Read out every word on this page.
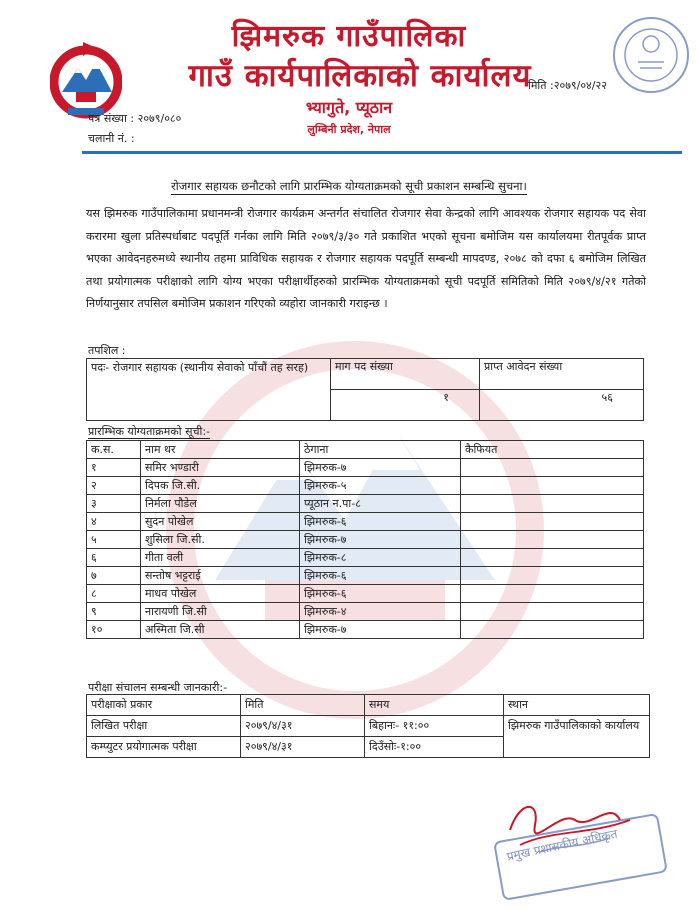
झिमरुक गाउँपालिका
गाउँ कार्यपालिकाको कार्यालय
भ्यागुते, प्यूठान
लुम्बिनी प्रदेश, नेपाल
मिति :२०७९/०४/२२
पत्र संख्या : २०७९/०८०
चलानी नं. :
रोजगार सहायक छनौटको लागि प्रारम्भिक योग्यताक्रमको सूची प्रकाशन सम्बन्धि सुचना।
यस झिमरुक गाउँपालिकामा प्रधानमन्त्री रोजगार कार्यक्रम अन्तर्गत संचालित रोजगार सेवा केन्द्रको लागि आवश्यक रोजगार सहायक पद सेवा करारमा खुला प्रतिस्पर्धाबाट पदपूर्ति गर्नका लागि मिति २०७९/३/३० गते प्रकाशित भएको सूचना बमोजिम यस कार्यालयमा रीतपूर्वक प्राप्त भएका आवेदनहरुमध्ये स्थानीय तहमा प्राविधिक सहायक र रोजगार सहायक पदपूर्ति सम्बन्धी मापदण्ड, २०७८ को दफा ६ बमोजिम लिखित तथा प्रयोगात्मक परीक्षाको लागि योग्य भएका परीक्षार्थीहरुको प्रारम्भिक योग्यताक्रमको सूची पदपूर्ति समितिको मिति २०७९/४/२१ गतेको निर्णयानुसार तपसिल बमोजिम प्रकाशन गरिएको व्यहोरा जानकारी गराइन्छ ।
तपशिल :
पदः- रोजगार सहायक (स्थानीय सेवाको पाँचौं तह सरह)	माग पद संख्या	प्राप्त आवेदन संख्या
	१	५६
प्रारम्भिक योग्यताक्रमको सूची:-
क.स.	नाम थर	ठेगाना	कैफियत
१	समिर भण्डारी	झिमरुक-७	
२	दिपक जि.सी.	झिमरुक-५	
३	निर्मला पौडेल	प्यूठान न.पा-८	
४	सुदन पोखेल	झिमरुक-६	
५	शुसिला जि.सी.	झिमरुक-७	
६	गीता वली	झिमरुक-८	
७	सन्तोष भट्टराई	झिमरुक-६	
८	माधव पोखेल	झिमरुक-६	
९	नारायणी जि.सी	झिमरुक-४	
१०	अस्मिता जि.सी	झिमरुक-७	
परीक्षा संचालन सम्बन्धी जानकारी:-
परीक्षाको प्रकार	मिति	समय	स्थान
लिखित परीक्षा	२०७९/४/३१	बिहानः- ११:००	झिमरुक गाउँपालिकाको कार्यालय
कम्प्युटर प्रयोगात्मक परीक्षा	२०७९/४/३१	दिउँसोः-१:००	
प्रमुख प्रशासकीय अधिकृत
